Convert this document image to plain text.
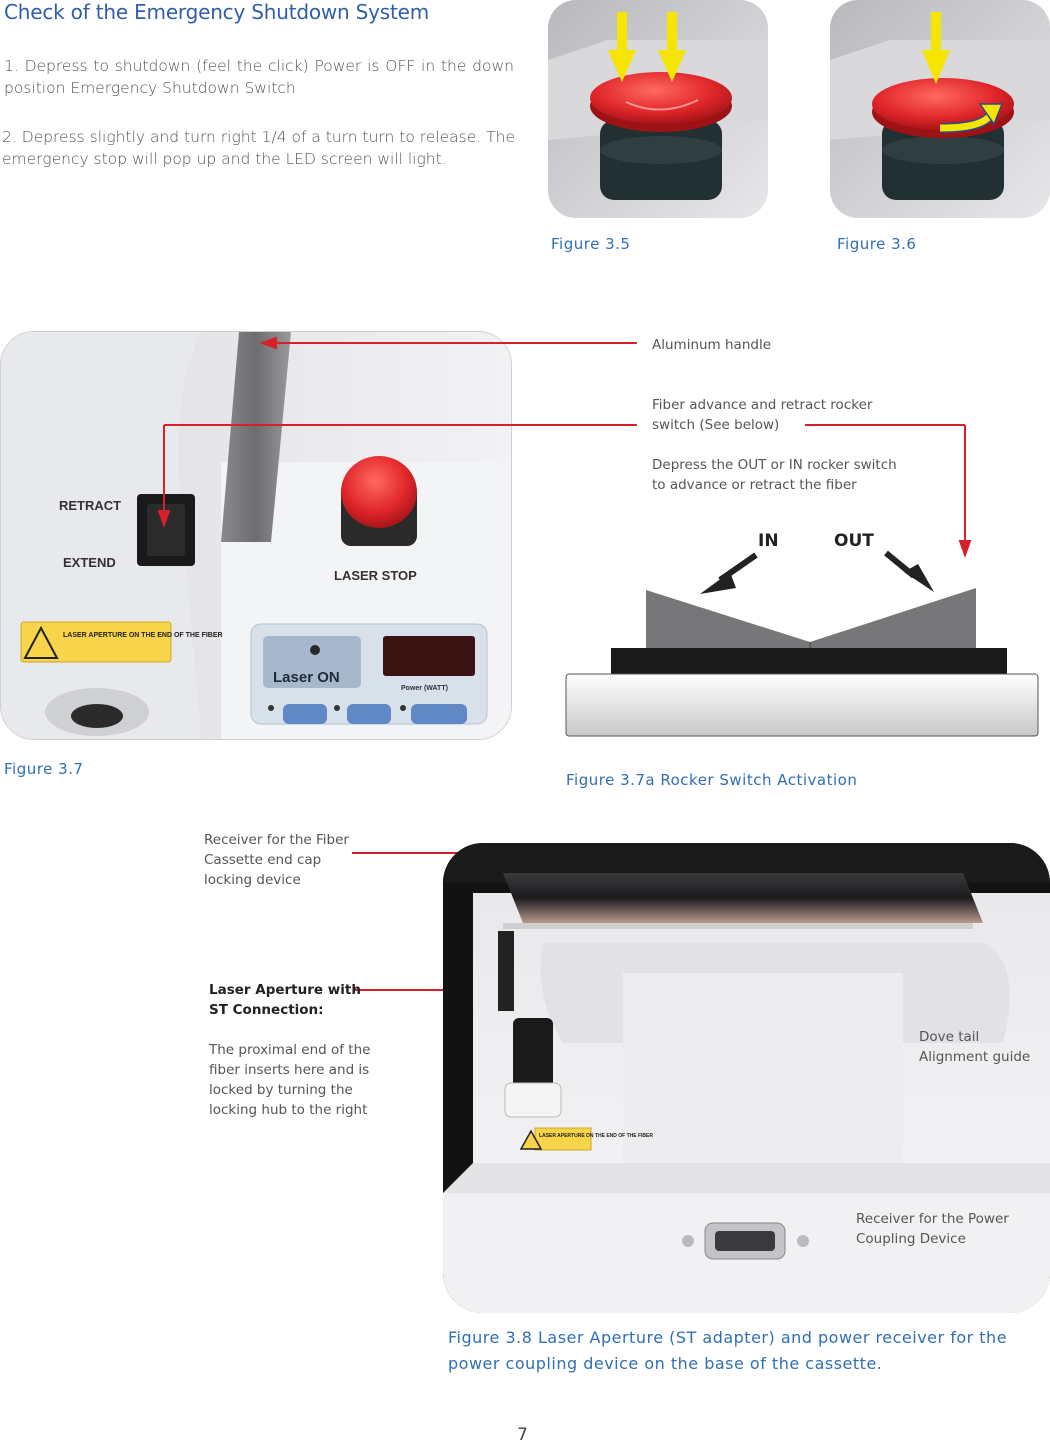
Check of the Emergency Shutdown System
1. Depress to shutdown (feel the click) Power is OFF in the down position Emergency Shutdown Switch
2. Depress slightly and turn right 1/4 of a turn turn to release. The emergency stop will pop up and the LED screen will light.
Figure 3.5	Figure 3.6
RETRACT
EXTEND
LASER STOP
LASER APERTURE ON THE END OF THE FIBER
Laser ON
Power (WATT)
Figure 3.7
Aluminum handle
Fiber advance and retract rocker switch (See below)
Depress the OUT or IN rocker switch to advance or retract the fiber
IN	OUT
Figure 3.7a Rocker Switch Activation
LASER APERTURE ON THE END OF THE FIBER
Receiver for the Fiber Cassette end cap locking device
Laser Aperture with ST Connection:
The proximal end of the fiber inserts here and is locked by turning the locking hub to the right
Dove tail Alignment guide
Receiver for the Power Coupling Device
Figure 3.8 Laser Aperture (ST adapter) and power receiver for the power coupling device on the base of the cassette.
7
